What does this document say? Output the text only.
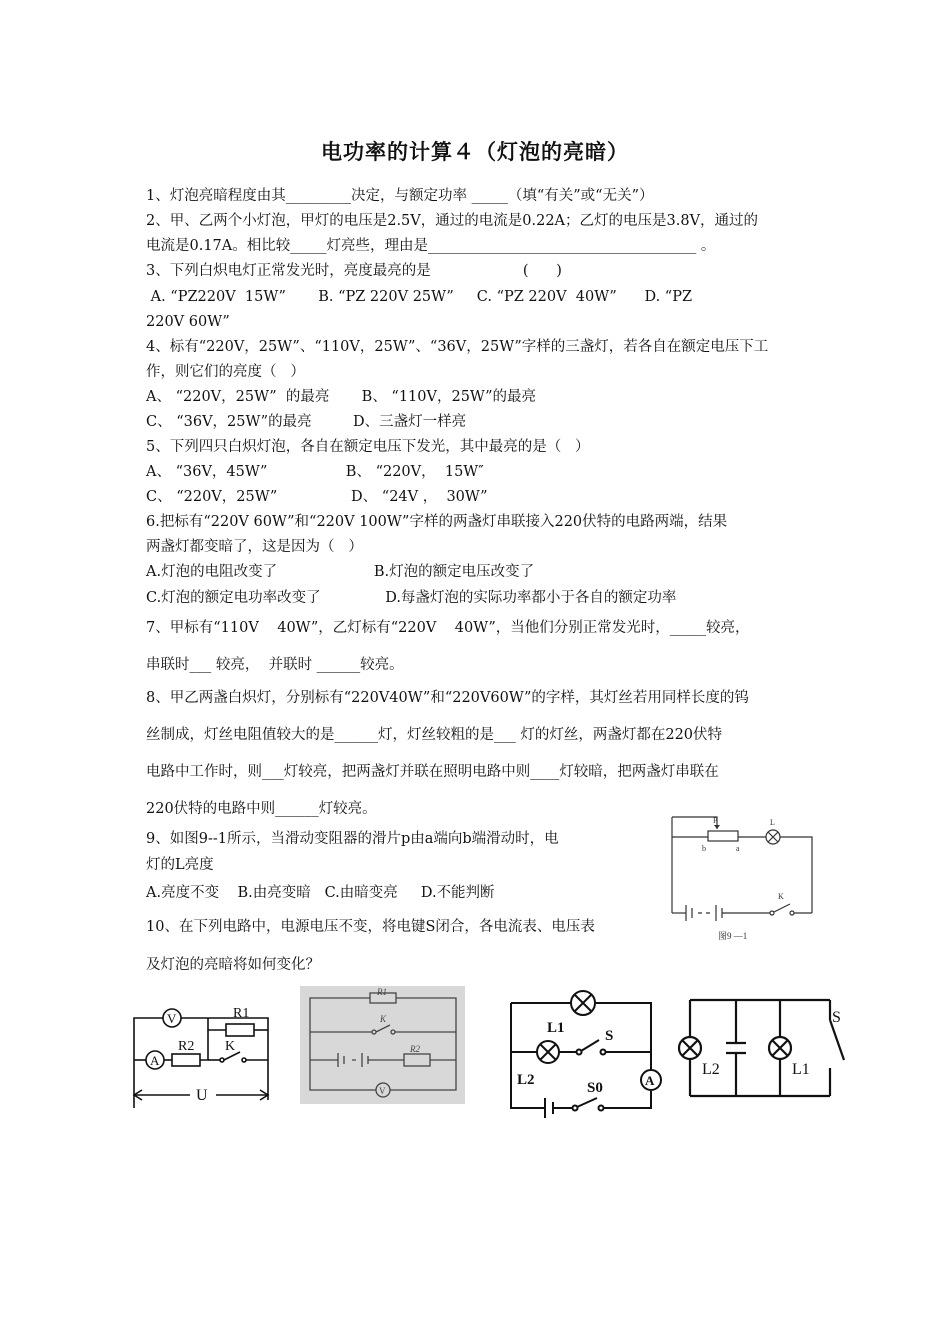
电功率的计算４（灯泡的亮暗）
1、灯泡亮暗程度由其_________决定，与额定功率 _____（填“有关”或“无关”）
2、甲、乙两个小灯泡，甲灯的电压是2.5V，通过的电流是0.22A；乙灯的电压是3.8V，通过的
电流是0.17A。相比较_____灯亮些，理由是_____________________________________ 。
3、下列白炽电灯正常发光时，亮度最亮的是                    (      )
A. “PZ220V  15W”       B. “PZ 220V 25W”     C. “PZ 220V  40W”      D. “PZ
220V 60W”
4、标有“220V，25W”、“110V，25W”、“36V，25W”字样的三盏灯，若各自在额定电压下工
作，则它们的亮度（   ）
A、 “220V，25W”  的最亮       B、 “110V，25W”的最亮
C、 “36V，25W”的最亮         D、三盏灯一样亮
5、下列四只白炽灯泡，各自在额定电压下发光，其中最亮的是（   ）
A、 “36V，45W”                 B、 “220V，  15W″
C、 “220V，25W”                D、 “24V ，  30W”
6.把标有“220V 60W”和“220V 100W”字样的两盏灯串联接入220伏特的电路两端，结果
两盏灯都变暗了，这是因为（   ）
A.灯泡的电阻改变了                     B.灯泡的额定电压改变了
C.灯泡的额定电功率改变了              D.每盏灯泡的实际功率都小于各自的额定功率
7、甲标有“110V    40W”，乙灯标有“220V    40W”，当他们分别正常发光时，_____较亮，
串联时___ 较亮，  并联时 ______较亮。
8、甲乙两盏白炽灯，分别标有“220V40W”和“220V60W”的字样，其灯丝若用同样长度的钨
丝制成，灯丝电阻值较大的是______灯，灯丝较粗的是___ 灯的灯丝，两盏灯都在220伏特
电路中工作时，则___灯较亮，把两盏灯并联在照明电路中则____灯较暗，把两盏灯串联在
220伏特的电路中则______灯较亮。
9、如图9--1所示，当滑动变阻器的滑片p由a端向b端滑动时，电
灯的L亮度
A.亮度不变    B.由亮变暗   C.由暗变亮     D.不能判断
10、在下列电路中，电源电压不变，将电键S闭合，各电流表、电压表
及灯泡的亮暗将如何变化？
P
b	a
L
K
图9 —1
V	R1
A
R2 K
U
R1
K
R2
V
L1	S
L2	S0	A
L2	L1
S
